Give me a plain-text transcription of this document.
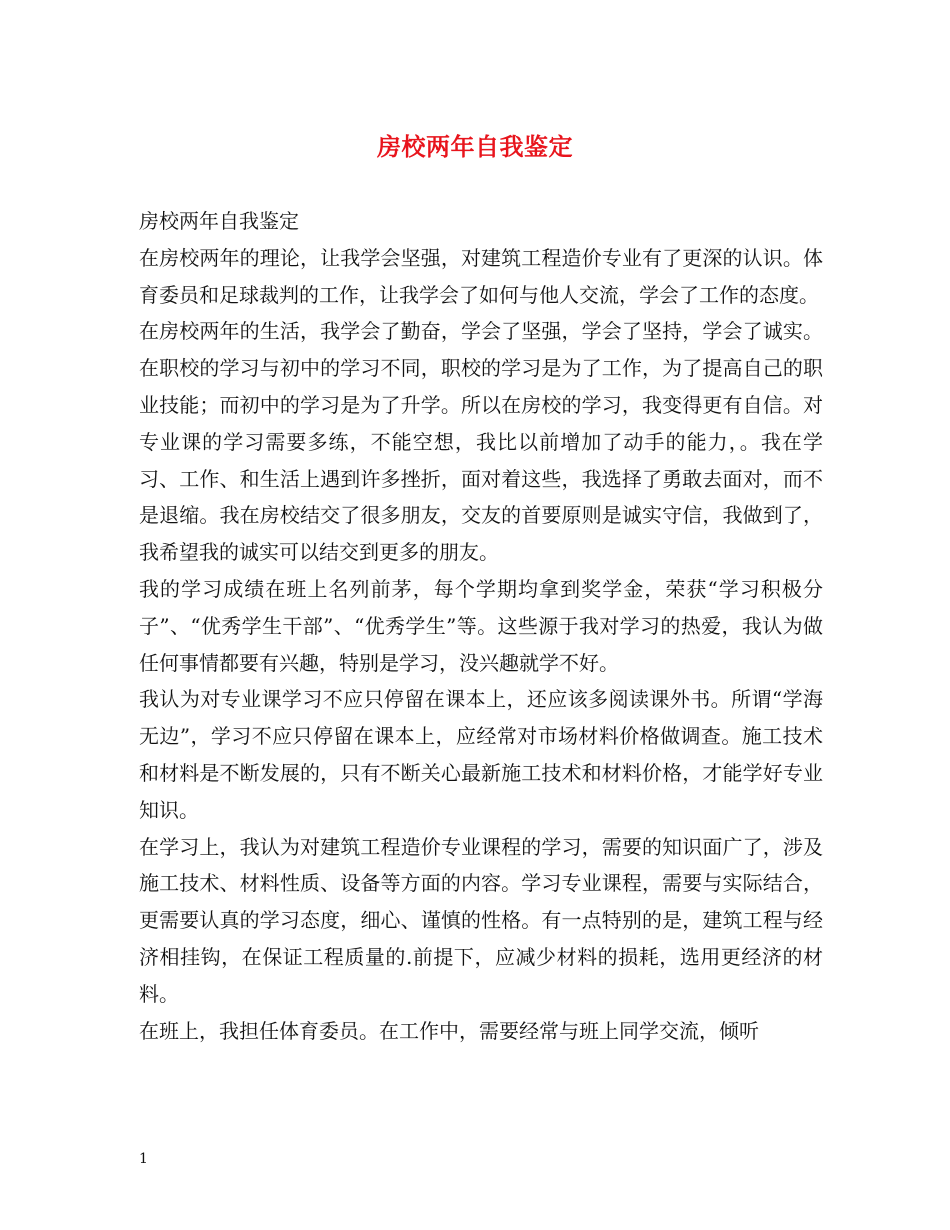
房校两年自我鉴定

房校两年自我鉴定

在房校两年的理论，让我学会坚强，对建筑工程造价专业有了更深的认识。体育委员和足球裁判的工作，让我学会了如何与他人交流，学会了工作的态度。

在房校两年的生活，我学会了勤奋，学会了坚强，学会了坚持，学会了诚实。在职校的学习与初中的学习不同，职校的学习是为了工作，为了提高自己的职业技能；而初中的学习是为了升学。所以在房校的学习，我变得更有自信。对专业课的学习需要多练，不能空想，我比以前增加了动手的能力，。我在学习、工作、和生活上遇到许多挫折，面对着这些，我选择了勇敢去面对，而不是退缩。我在房校结交了很多朋友，交友的首要原则是诚实守信，我做到了，我希望我的诚实可以结交到更多的朋友。

我的学习成绩在班上名列前茅，每个学期均拿到奖学金，荣获“学习积极分子”、“优秀学生干部”、“优秀学生”等。这些源于我对学习的热爱，我认为做任何事情都要有兴趣，特别是学习，没兴趣就学不好。

我认为对专业课学习不应只停留在课本上，还应该多阅读课外书。所谓“学海无边”，学习不应只停留在课本上，应经常对市场材料价格做调查。施工技术和材料是不断发展的，只有不断关心最新施工技术和材料价格，才能学好专业知识。

在学习上，我认为对建筑工程造价专业课程的学习，需要的知识面广了，涉及施工技术、材料性质、设备等方面的内容。学习专业课程，需要与实际结合，更需要认真的学习态度，细心、谨慎的性格。有一点特别的是，建筑工程与经济相挂钩，在保证工程质量的.前提下，应减少材料的损耗，选用更经济的材料。

在班上，我担任体育委员。在工作中，需要经常与班上同学交流，倾听

1
